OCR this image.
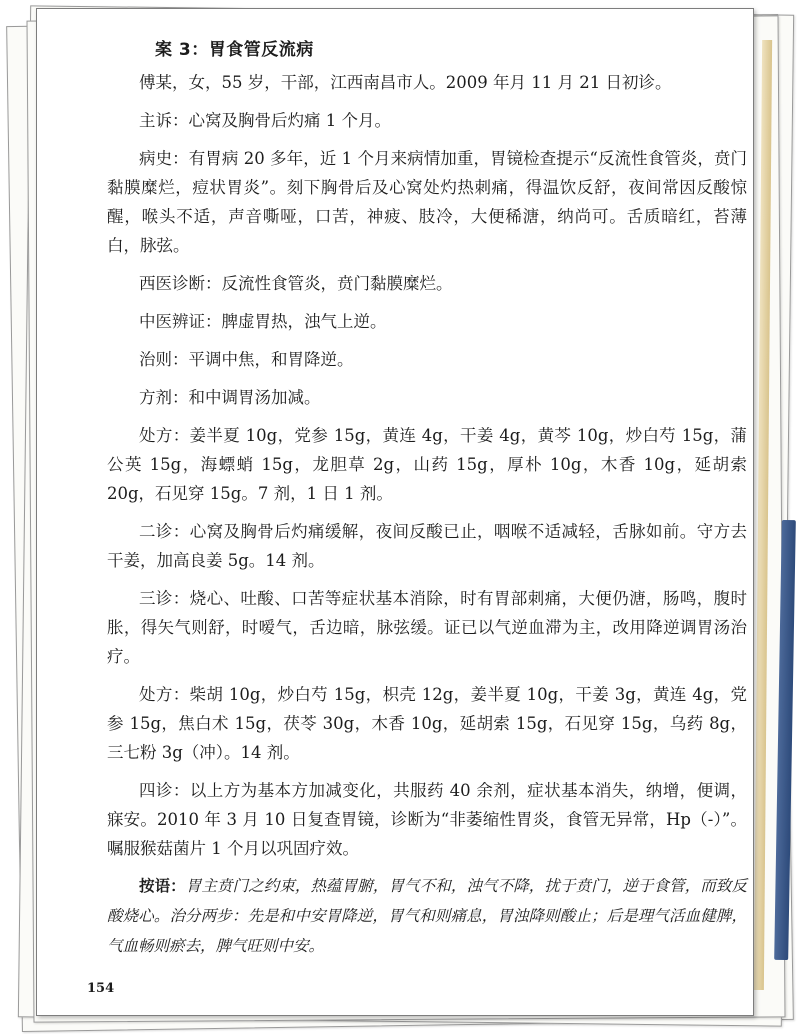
案 3：胃食管反流病

傅某，女，55 岁，干部，江西南昌市人。2009 年月 11 月 21 日初诊。

主诉：心窝及胸骨后灼痛 1 个月。

病史：有胃病 20 多年，近 1 个月来病情加重，胃镜检查提示“反流性食管炎，贲门黏膜糜烂，痘状胃炎”。刻下胸骨后及心窝处灼热刺痛，得温饮反舒，夜间常因反酸惊醒，喉头不适，声音嘶哑，口苦，神疲、肢冷，大便稀溏，纳尚可。舌质暗红，苔薄白，脉弦。

西医诊断：反流性食管炎，贲门黏膜糜烂。

中医辨证：脾虚胃热，浊气上逆。

治则：平调中焦，和胃降逆。

方剂：和中调胃汤加减。

处方：姜半夏 10g，党参 15g，黄连 4g，干姜 4g，黄芩 10g，炒白芍 15g，蒲公英 15g，海螵蛸 15g，龙胆草 2g，山药 15g，厚朴 10g，木香 10g，延胡索 20g，石见穿 15g。7 剂，1 日 1 剂。

二诊：心窝及胸骨后灼痛缓解，夜间反酸已止，咽喉不适减轻，舌脉如前。守方去干姜，加高良姜 5g。14 剂。

三诊：烧心、吐酸、口苦等症状基本消除，时有胃部刺痛，大便仍溏，肠鸣，腹时胀，得矢气则舒，时嗳气，舌边暗，脉弦缓。证已以气逆血滞为主，改用降逆调胃汤治疗。

处方：柴胡 10g，炒白芍 15g，枳壳 12g，姜半夏 10g，干姜 3g，黄连 4g，党参 15g，焦白术 15g，茯苓 30g，木香 10g，延胡索 15g，石见穿 15g，乌药 8g，三七粉 3g（冲）。14 剂。

四诊：以上方为基本方加减变化，共服药 40 余剂，症状基本消失，纳增，便调，寐安。2010 年 3 月 10 日复查胃镜，诊断为“非萎缩性胃炎，食管无异常，Hp（-）”。嘱服猴菇菌片 1 个月以巩固疗效。

按语：胃主贲门之约束，热蕴胃腑，胃气不和，浊气不降，扰于贲门，逆于食管，而致反酸烧心。治分两步：先是和中安胃降逆，胃气和则痛息，胃浊降则酸止；后是理气活血健脾，气血畅则瘀去，脾气旺则中安。

154
